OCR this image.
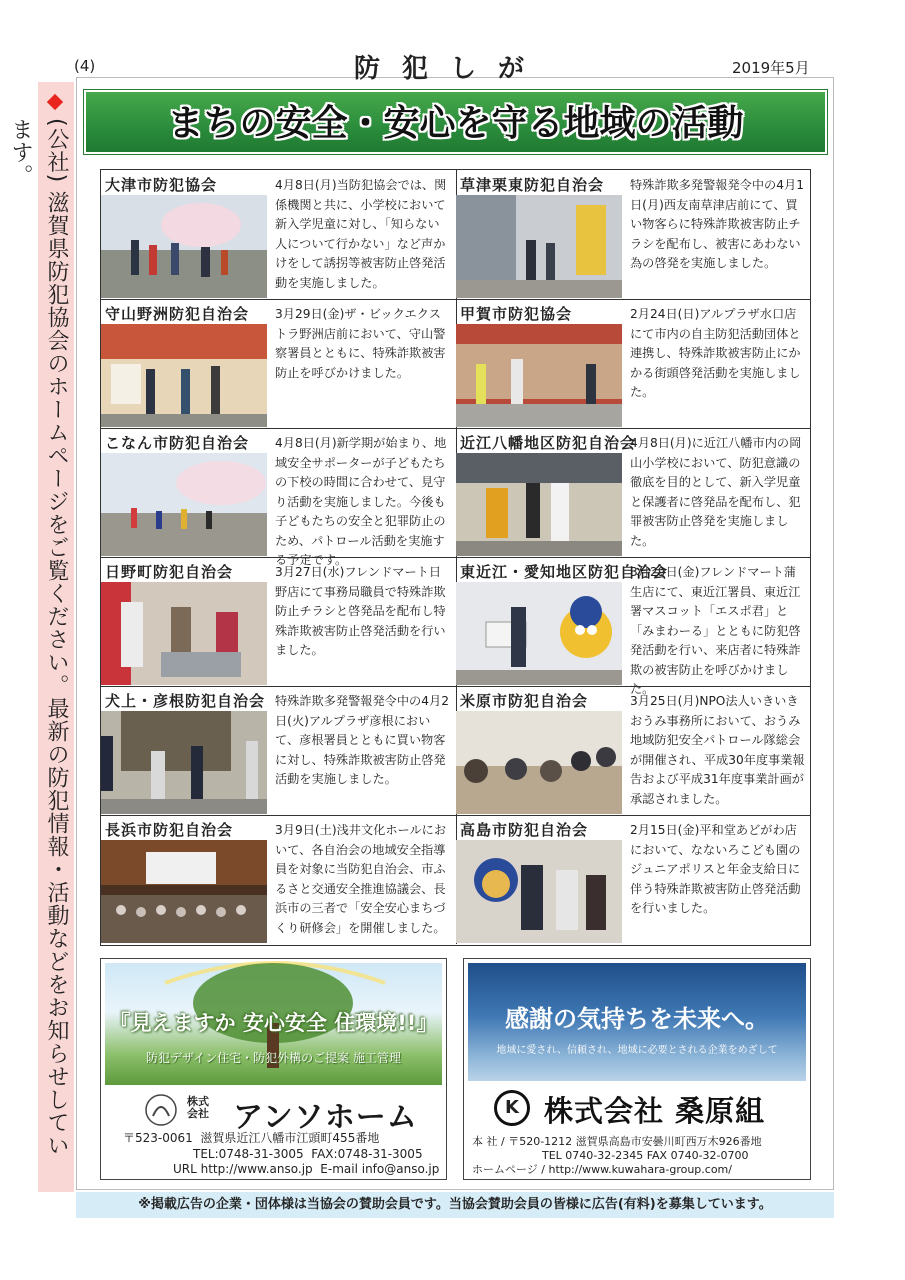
(4)	防犯しが	2019年5月
(公社) 滋賀県防犯協会のホームページをご覧ください。最新の防犯情報・活動などをお知らせしています。	まちの安全・安心を守る地域の活動
大津市防犯協会	4月8日(月)当防犯協会では、関係機関と共に、小学校において新入学児童に対し、「知らない人について行かない」など声かけをして誘拐等被害防止啓発活動を実施しました。
草津栗東防犯自治会	特殊詐欺多発警報発令中の4月1日(月)西友南草津店前にて、買い物客らに特殊詐欺被害防止チラシを配布し、被害にあわない為の啓発を実施しました。
守山野洲防犯自治会	3月29日(金)ザ・ビックエクストラ野洲店前において、守山警察署員とともに、特殊詐欺被害防止を呼びかけました。
甲賀市防犯協会	2月24日(日)アルプラザ水口店にて市内の自主防犯活動団体と連携し、特殊詐欺被害防止にかかる街頭啓発活動を実施しました。
こなん市防犯自治会	4月8日(月)新学期が始まり、地域安全サポーターが子どもたちの下校の時間に合わせて、見守り活動を実施しました。今後も子どもたちの安全と犯罪防止のため、パトロール活動を実施する予定です。
近江八幡地区防犯自治会
4月8日(月)に近江八幡市内の岡山小学校において、防犯意識の徹底を目的として、新入学児童と保護者に啓発品を配布し、犯罪被害防止啓発を実施しました。
日野町防犯自治会	3月27日(水)フレンドマート日野店にて事務局職員で特殊詐欺防止チラシと啓発品を配布し特殊詐欺被害防止啓発活動を行いました。
東近江・愛知地区防犯自治会
3月29日(金)フレンドマート蒲生店にて、東近江署員、東近江署マスコット「エスポ君」と「みまわーる」とともに防犯啓発活動を行い、来店者に特殊詐欺の被害防止を呼びかけました。
犬上・彦根防犯自治会 特殊詐欺多発警報発令中の4月2日(火)アルプラザ彦根において、彦根署員とともに買い物客に対し、特殊詐欺被害防止啓発活動を実施しました。
米原市防犯自治会	3月25日(月)NPO法人いきいきおうみ事務所において、おうみ地域防犯安全パトロール隊総会が開催され、平成30年度事業報告および平成31年度事業計画が承認されました。
長浜市防犯自治会	3月9日(土)浅井文化ホールにおいて、各自治会の地域安全指導員を対象に当防犯自治会、市ふるさと交通安全推進協議会、長浜市の三者で「安全安心まちづくり研修会」を開催しました。
高島市防犯自治会	2月15日(金)平和堂あどがわ店において、なないろこども園のジュニアポリスと年金支給日に伴う特殊詐欺被害防止啓発活動を行いました。
『見えますか 安心安全 住環境!!』
防犯デザイン住宅・防犯外構のご提案 施工管理
株式会社 アンソホーム
〒523-0061 滋賀県近江八幡市江頭町455番地
TEL:0748-31-3005 FAX:0748-31-3005
URL http://www.anso.jp E-mail info@anso.jp
感謝の気持ちを未来へ。
地域に愛され、信頼され、地域に必要とされる企業をめざして
K 株式会社 桑原組
本 社 / 〒520-1212 滋賀県高島市安曇川町西万木926番地
TEL 0740-32-2345 FAX 0740-32-0700
ホームページ / http://www.kuwahara-group.com/
※掲載広告の企業・団体様は当協会の賛助会員です。当協会賛助会員の皆様に広告(有料)を募集しています。
